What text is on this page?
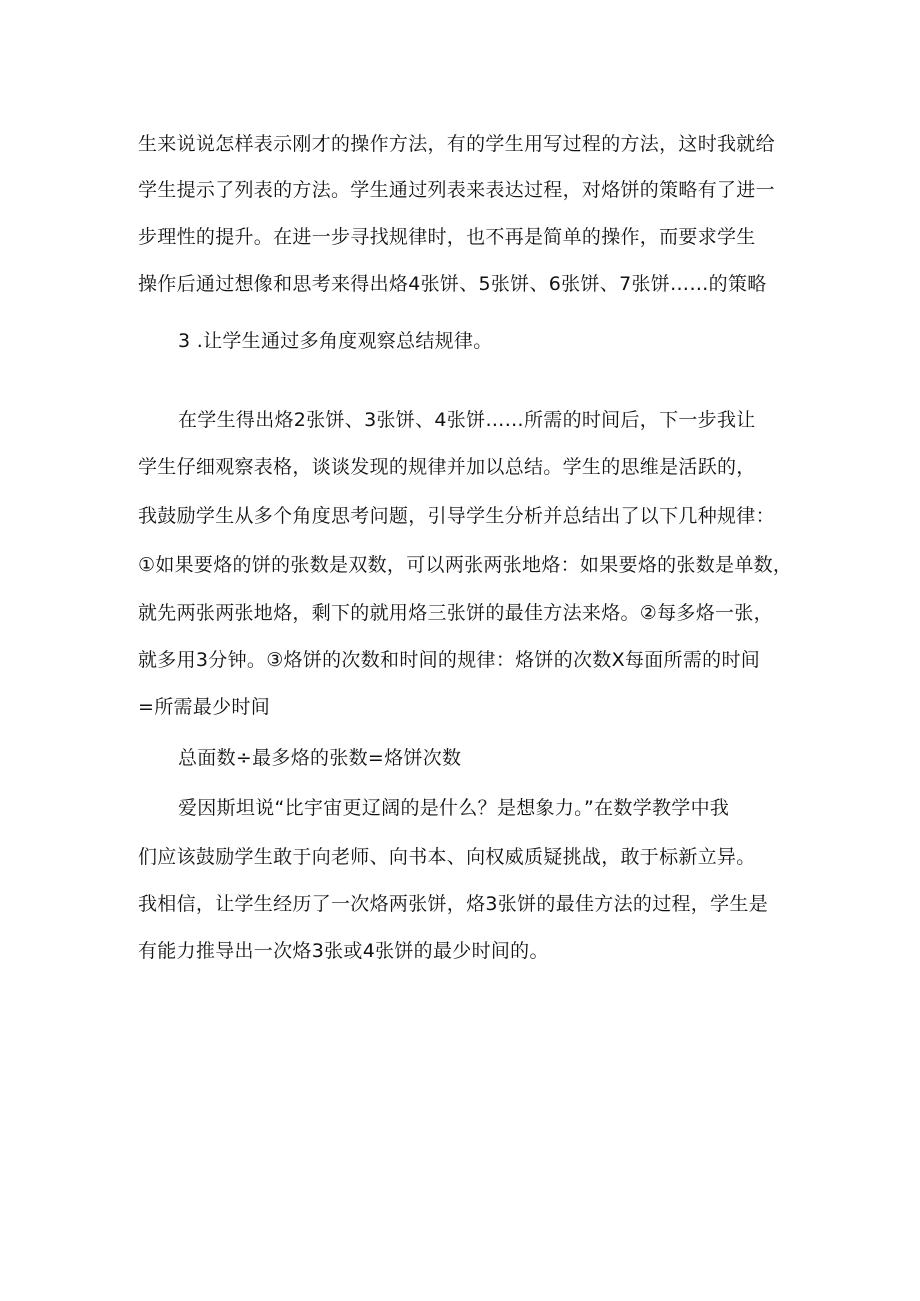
生来说说怎样表示刚才的操作方法，有的学生用写过程的方法，这时我就给

学生提示了列表的方法。学生通过列表来表达过程，对烙饼的策略有了进一

步理性的提升。在进一步寻找规律时，也不再是简单的操作，而要求学生

操作后通过想像和思考来得出烙4张饼、5张饼、6张饼、7张饼……的策略

3 .让学生通过多角度观察总结规律。

在学生得出烙2张饼、3张饼、4张饼……所需的时间后，下一步我让

学生仔细观察表格，谈谈发现的规律并加以总结。学生的思维是活跃的，

我鼓励学生从多个角度思考问题，引导学生分析并总结出了以下几种规律：

①如果要烙的饼的张数是双数，可以两张两张地烙：如果要烙的张数是单数，

就先两张两张地烙，剩下的就用烙三张饼的最佳方法来烙。②每多烙一张，

就多用3分钟。③烙饼的次数和时间的规律：烙饼的次数X每面所需的时间

=所需最少时间

总面数÷最多烙的张数=烙饼次数

爱因斯坦说“比宇宙更辽阔的是什么？是想象力。”在数学教学中我

们应该鼓励学生敢于向老师、向书本、向权威质疑挑战，敢于标新立异。

我相信，让学生经历了一次烙两张饼，烙3张饼的最佳方法的过程，学生是

有能力推导出一次烙3张或4张饼的最少时间的。
